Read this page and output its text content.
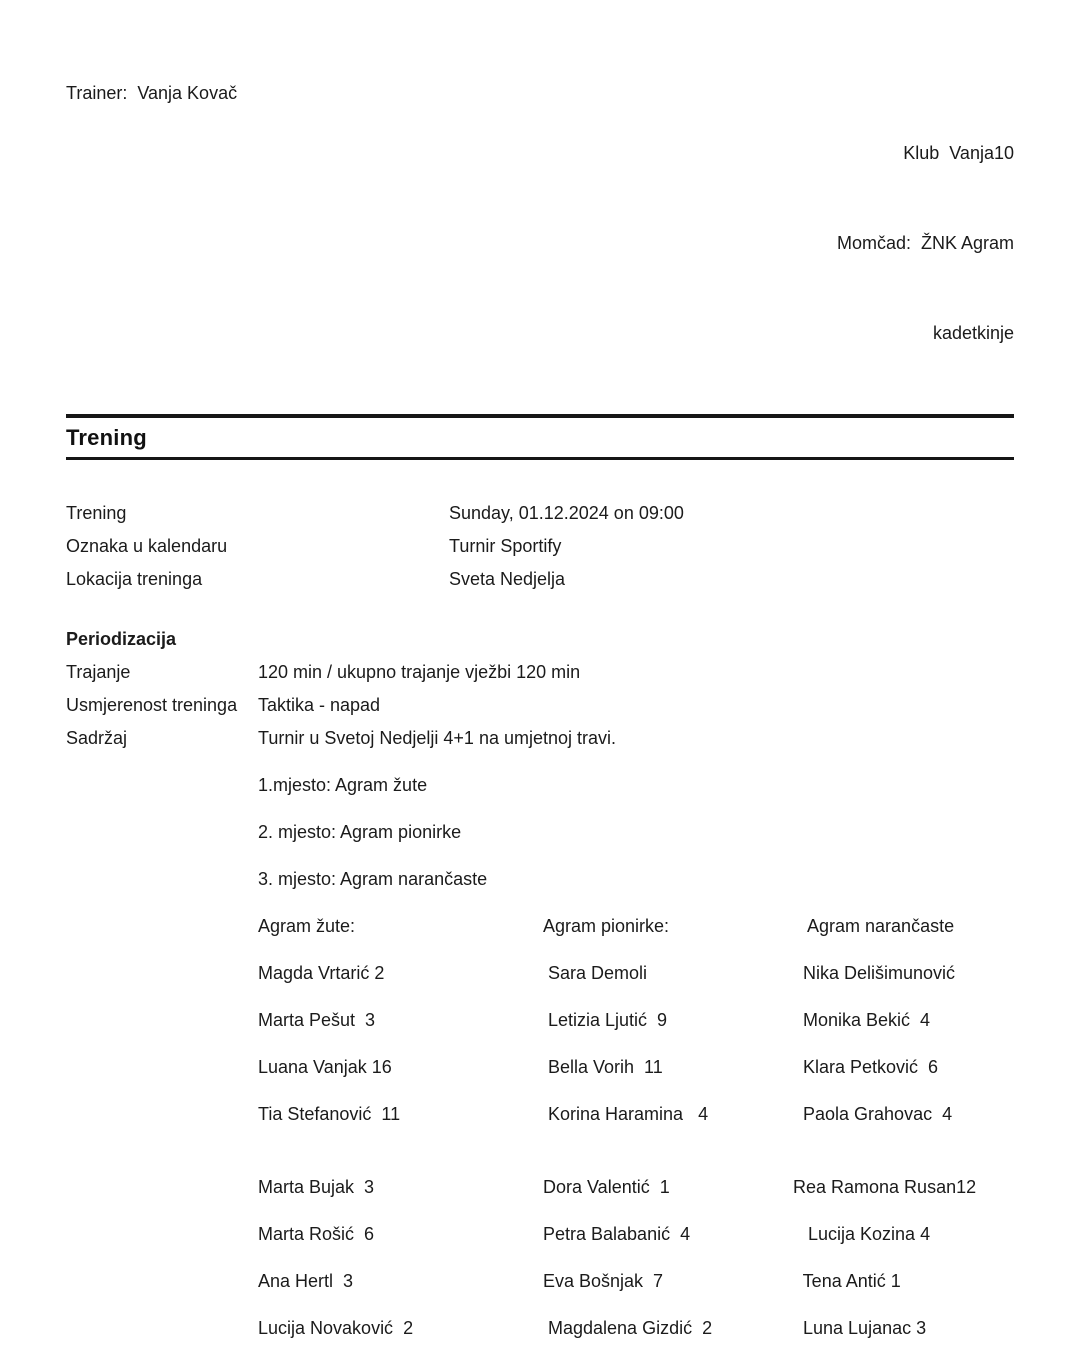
Trainer:  Vanja Kovač

Klub  Vanja10

Momčad:  ŽNK Agram

kadetkinje

Trening
Trening	Sunday, 01.12.2024 on 09:00
Oznaka u kalendaru	Turnir Sportify
Lokacija treninga	Sveta Nedjelja
Periodizacija
Trajanje	120 min / ukupno trajanje vježbi 120 min
Usmjerenost treninga	Taktika - napad
Sadržaj	Turnir u Svetoj Nedjelji 4+1 na umjetnoj travi.

1.mjesto: Agram žute

2. mjesto: Agram pionirke

3. mjesto: Agram narančaste

Agram žute:	Agram pionirke:	Agram narančaste
Magda Vrtarić 2	Sara Demoli	Nika Delišimunović
Marta Pešut  3	Letizia Ljutić  9	Monika Bekić  4
Luana Vanjak 16	Bella Vorih  11	Klara Petković  6
Tia Stefanović  11	Korina Haramina   4	Paola Grahovac  4
Marta Bujak  3	Dora Valentić  1	Rea Ramona Rusan12
Marta Rošić  6	Petra Balabanić  4	Lucija Kozina 4
Ana Hertl  3	Eva Bošnjak  7	Tena Antić 1
Lucija Novaković  2	Magdalena Gizdić  2	Luna Lujanac 3
